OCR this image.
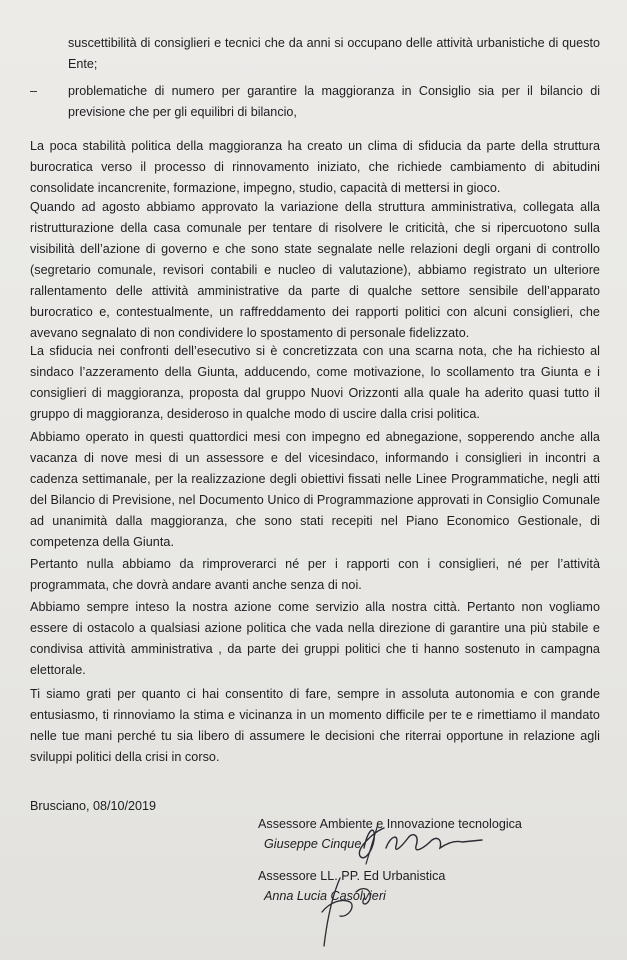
suscettibilità di consiglieri e tecnici che da anni si occupano delle attività urbanistiche di questo Ente;
–	problematiche di numero per garantire la maggioranza in Consiglio sia per il bilancio di previsione che per gli equilibri di bilancio,

La poca stabilità politica della maggioranza ha creato un clima di sfiducia da parte della struttura burocratica verso il processo di rinnovamento iniziato, che richiede cambiamento di abitudini consolidate incancrenite, formazione, impegno, studio, capacità di mettersi in gioco.

Quando ad agosto abbiamo approvato la variazione della struttura amministrativa, collegata alla ristrutturazione della casa comunale per tentare di risolvere le criticità, che si ripercuotono sulla visibilità dell’azione di governo e che sono state segnalate nelle relazioni degli organi di controllo (segretario comunale, revisori contabili e nucleo di valutazione), abbiamo registrato un ulteriore rallentamento delle attività amministrative da parte di qualche settore sensibile dell’apparato burocratico e, contestualmente, un raffreddamento dei rapporti politici con alcuni consiglieri, che avevano segnalato di non condividere lo spostamento di personale fidelizzato.

La sfiducia nei confronti dell’esecutivo si è concretizzata con una scarna nota, che ha richiesto al sindaco l’azzeramento della Giunta, adducendo, come motivazione, lo scollamento tra Giunta e i consiglieri di maggioranza, proposta dal gruppo Nuovi Orizzonti alla quale ha aderito quasi tutto il gruppo di maggioranza, desideroso in qualche modo di uscire dalla crisi politica.

Abbiamo operato in questi quattordici mesi con impegno ed abnegazione, sopperendo anche alla vacanza di nove mesi di un assessore e del vicesindaco, informando i consiglieri in incontri a cadenza settimanale, per la realizzazione degli obiettivi fissati nelle Linee Programmatiche, negli atti del Bilancio di Previsione, nel Documento Unico di Programmazione approvati in Consiglio Comunale ad unanimità dalla maggioranza, che sono stati recepiti nel Piano Economico Gestionale, di competenza della Giunta.

Pertanto nulla abbiamo da rimproverarci né per i rapporti con i consiglieri, né per l’attività programmata, che dovrà andare avanti anche senza di noi.

Abbiamo sempre inteso la nostra azione come servizio alla nostra città. Pertanto non vogliamo essere di ostacolo a qualsiasi azione politica che vada nella direzione di garantire una più stabile e condivisa attività amministrativa , da parte dei gruppi politici che ti hanno sostenuto in campagna elettorale.

Ti siamo grati per quanto ci hai consentito di fare, sempre in assoluta autonomia e con grande entusiasmo, ti rinnoviamo la stima e vicinanza in un momento difficile per te e rimettiamo il mandato nelle tue mani perché tu sia libero di assumere le decisioni che riterrai opportune in relazione agli sviluppi politici della crisi in corso.

Brusciano, 08/10/2019
Assessore Ambiente e Innovazione tecnologica
Giuseppe Cinque
Assessore LL. PP. Ed Urbanistica
Anna Lucia Casolvieri
